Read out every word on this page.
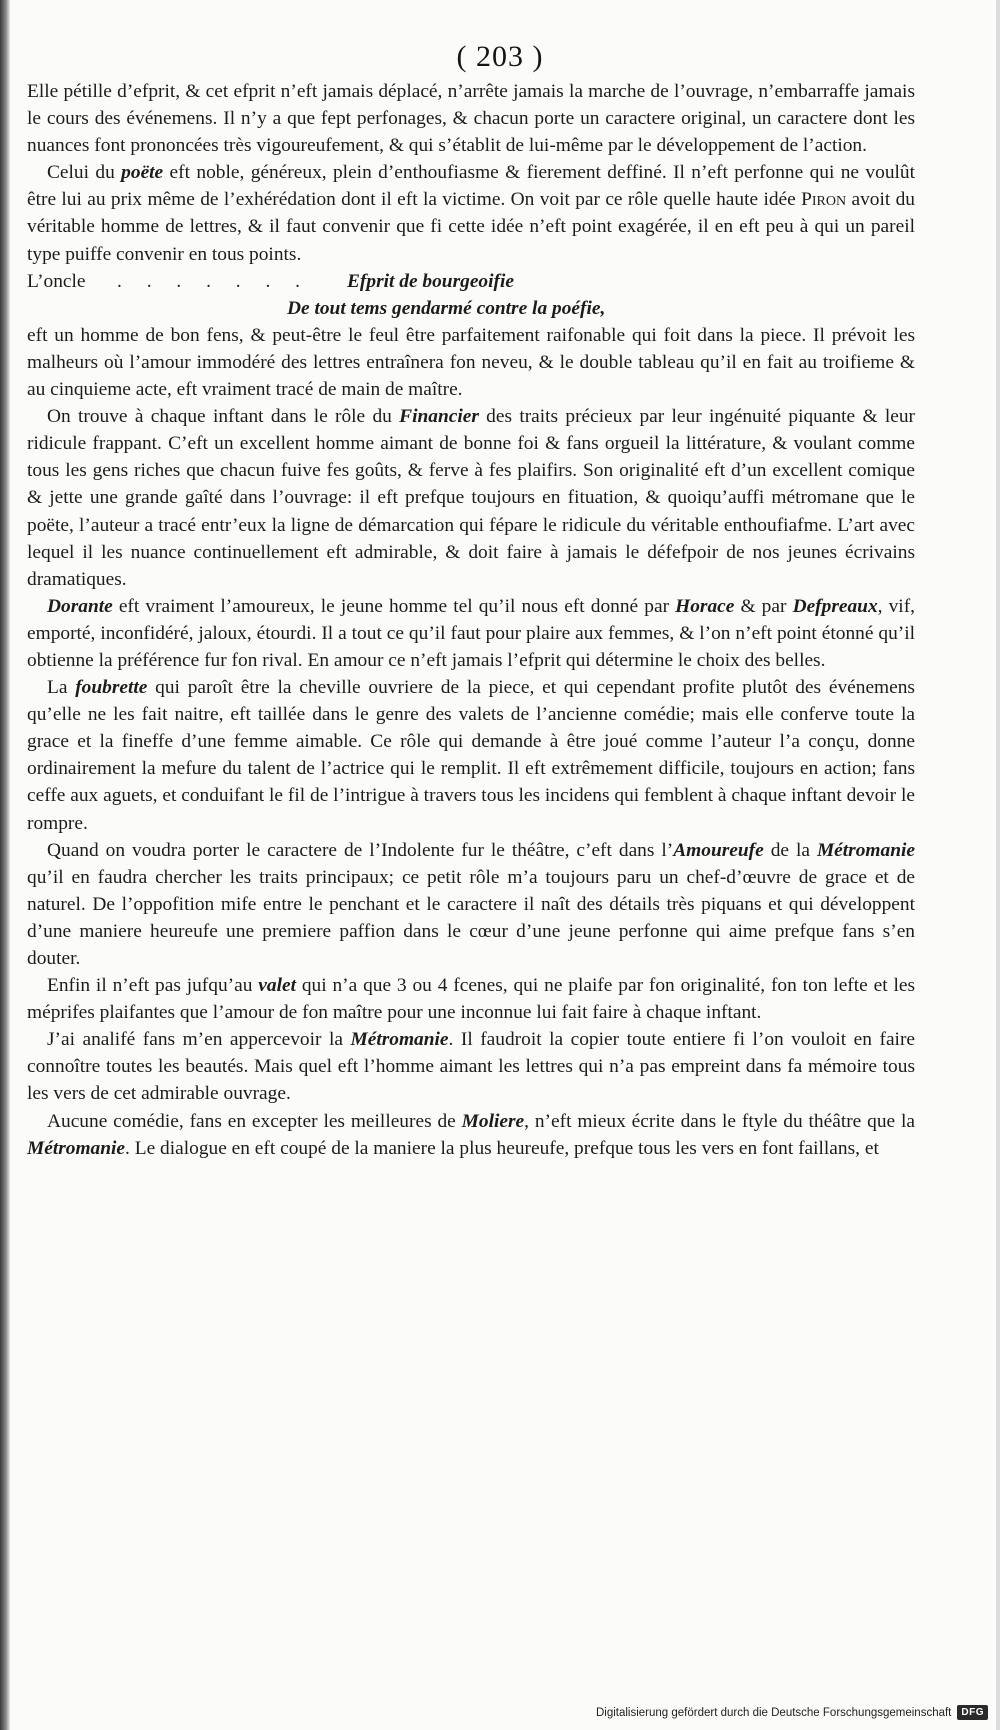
( 203 )

Elle pétille d’efprit, & cet efprit n’eft jamais déplacé, n’arrête jamais la marche de l’ouvrage, n’embarraffe jamais le cours des événemens. Il n’y a que fept perfonages, & chacun porte un caractere original, un caractere dont les nuances font prononcées très vigoureufement, & qui s’établit de lui-même par le développement de l’action.

Celui du poëte eft noble, généreux, plein d’enthoufiasme & fierement deffiné. Il n’eft perfonne qui ne voulût être lui au prix même de l’exhérédation dont il eft la victime. On voit par ce rôle quelle haute idée Piron avoit du véritable homme de lettres, & il faut convenir que fi cette idée n’eft point exagérée, il en eft peu à qui un pareil type puiffe convenir en tous points.

L’oncle	. . . . . . .	Efprit de bourgeoifie

De tout tems gendarmé contre la poéfie,

eft un homme de bon fens, & peut-être le feul être parfaitement raifonable qui foit dans la piece. Il prévoit les malheurs où l’amour immodéré des lettres entraînera fon neveu, & le double tableau qu’il en fait au troifieme & au cinquieme acte, eft vraiment tracé de main de maître.

On trouve à chaque inftant dans le rôle du Financier des traits précieux par leur ingénuité piquante & leur ridicule frappant. C’eft un excellent homme aimant de bonne foi & fans orgueil la littérature, & voulant comme tous les gens riches que chacun fuive fes goûts, & ferve à fes plaifirs. Son originalité eft d’un excellent comique & jette une grande gaîté dans l’ouvrage: il eft prefque toujours en fituation, & quoiqu’auffi métromane que le poëte, l’auteur a tracé entr’eux la ligne de démarcation qui fépare le ridicule du véritable enthoufiafme. L’art avec lequel il les nuance continuellement eft admirable, & doit faire à jamais le défefpoir de nos jeunes écrivains dramatiques.

Dorante eft vraiment l’amoureux, le jeune homme tel qu’il nous eft donné par Horace & par Defpreaux, vif, emporté, inconfidéré, jaloux, étourdi. Il a tout ce qu’il faut pour plaire aux femmes, & l’on n’eft point étonné qu’il obtienne la préférence fur fon rival. En amour ce n’eft jamais l’efprit qui détermine le choix des belles.

La foubrette qui paroît être la cheville ouvriere de la piece, et qui cependant profite plutôt des événemens qu’elle ne les fait naitre, eft taillée dans le genre des valets de l’ancienne comédie; mais elle conferve toute la grace et la fineffe d’une femme aimable. Ce rôle qui demande à être joué comme l’auteur l’a conçu, donne ordinairement la mefure du talent de l’actrice qui le remplit. Il eft extrêmement difficile, toujours en action; fans ceffe aux aguets, et conduifant le fil de l’intrigue à travers tous les incidens qui femblent à chaque inftant devoir le rompre.

Quand on voudra porter le caractere de l’Indolente fur le théâtre, c’eft dans l’Amoureufe de la Métromanie qu’il en faudra chercher les traits principaux; ce petit rôle m’a toujours paru un chef-d’œuvre de grace et de naturel. De l’oppofition mife entre le penchant et le caractere il naît des détails très piquans et qui développent d’une maniere heureufe une premiere paffion dans le cœur d’une jeune perfonne qui aime prefque fans s’en douter.

Enfin il n’eft pas jufqu’au valet qui n’a que 3 ou 4 fcenes, qui ne plaife par fon originalité, fon ton lefte et les méprifes plaifantes que l’amour de fon maître pour une inconnue lui fait faire à chaque inftant.

J’ai analifé fans m’en appercevoir la Métromanie. Il faudroit la copier toute entiere fi l’on vouloit en faire connoître toutes les beautés. Mais quel eft l’homme aimant les lettres qui n’a pas empreint dans fa mémoire tous les vers de cet admirable ouvrage.

Aucune comédie, fans en excepter les meilleures de Moliere, n’eft mieux écrite dans le ftyle du théâtre que la Métromanie. Le dialogue en eft coupé de la maniere la plus heureufe, prefque tous les vers en font faillans, et

Digitalisierung gefördert durch die Deutsche Forschungsgemeinschaft	DFG
